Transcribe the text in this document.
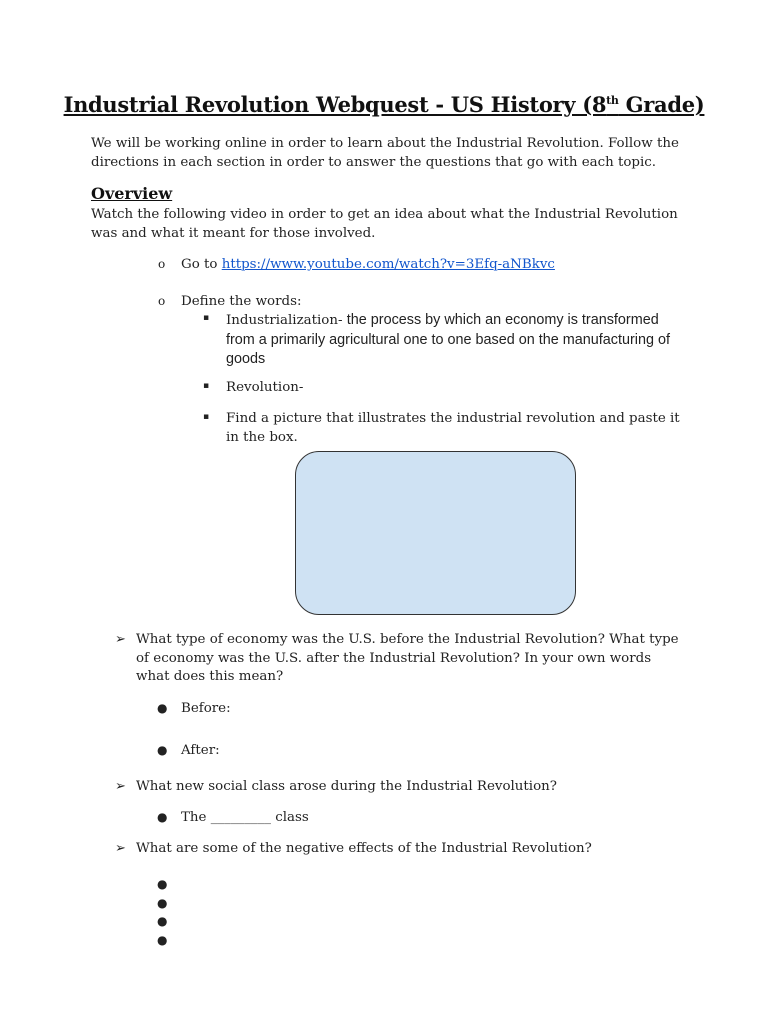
Industrial Revolution Webquest - US History (8th Grade)
We will be working online in order to learn about the Industrial Revolution. Follow the directions in each section in order to answer the questions that go with each topic.
Overview
Watch the following video in order to get an idea about what the Industrial Revolution was and what it meant for those involved.
o Go to https://www.youtube.com/watch?v=3Efq-aNBkvc
o Define the words:
▪ Industrialization- the process by which an economy is transformed from a primarily agricultural one to one based on the manufacturing of goods
▪ Revolution-
▪ Find a picture that illustrates the industrial revolution and paste it in the box.
➢ What type of economy was the U.S. before the Industrial Revolution? What type of economy was the U.S. after the Industrial Revolution? In your own words what does this mean?
● Before:
● After:
➢ What new social class arose during the Industrial Revolution?
● The _________ class
➢ What are some of the negative effects of the Industrial Revolution?
●
●
●
●
